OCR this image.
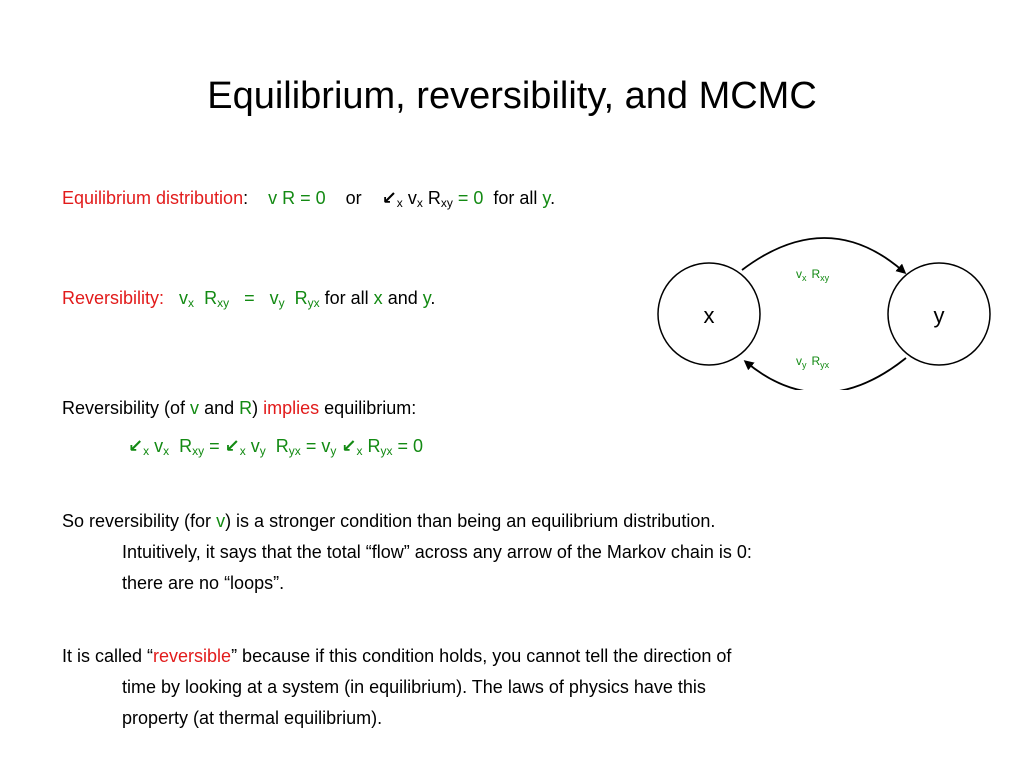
Equilibrium, reversibility, and MCMC
Equilibrium distribution: v R = 0 or $↙_x$ $v_x$ $R_{xy} = 0$ for all y.
Reversibility: $v_x$ $R_{xy} = v_y$ $R_{yx}$ for all x and y.
Reversibility (of v and R) implies equilibrium:
$↙_x$ $v_x$ $R_{xy}$ = $↙_x$ $v_y$ $R_{yx} = v_y$ $↙_x$ $R_{yx} = 0$
So reversibility (for v) is a stronger condition than being an equilibrium distribution.
Intuitively, it says that the total “flow” across any arrow of the Markov chain is 0:
there are no “loops”.
It is called “reversible” because if this condition holds, you cannot tell the direction of
time by looking at a system (in equilibrium). The laws of physics have this
property (at thermal equilibrium).
x	y
$v_x$ $R_{xy}$
$v_y$ $R_{yx}$
